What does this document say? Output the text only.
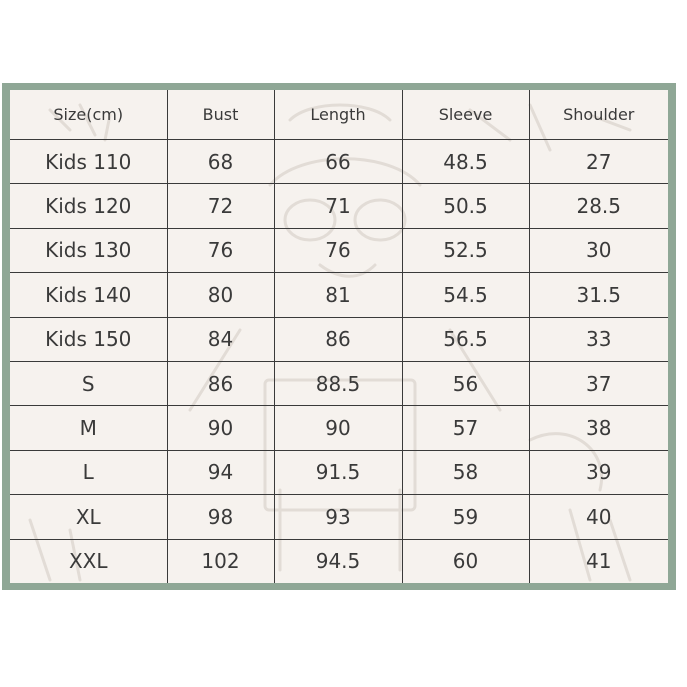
Size(cm)	Bust	Length	Sleeve	Shoulder
Kids 110	68	66	48.5	27
Kids 120	72	71	50.5	28.5
Kids 130	76	76	52.5	30
Kids 140	80	81	54.5	31.5
Kids 150	84	86	56.5	33
S	86	88.5	56	37
M	90	90	57	38
L	94	91.5	58	39
XL	98	93	59	40
XXL	102	94.5	60	41
